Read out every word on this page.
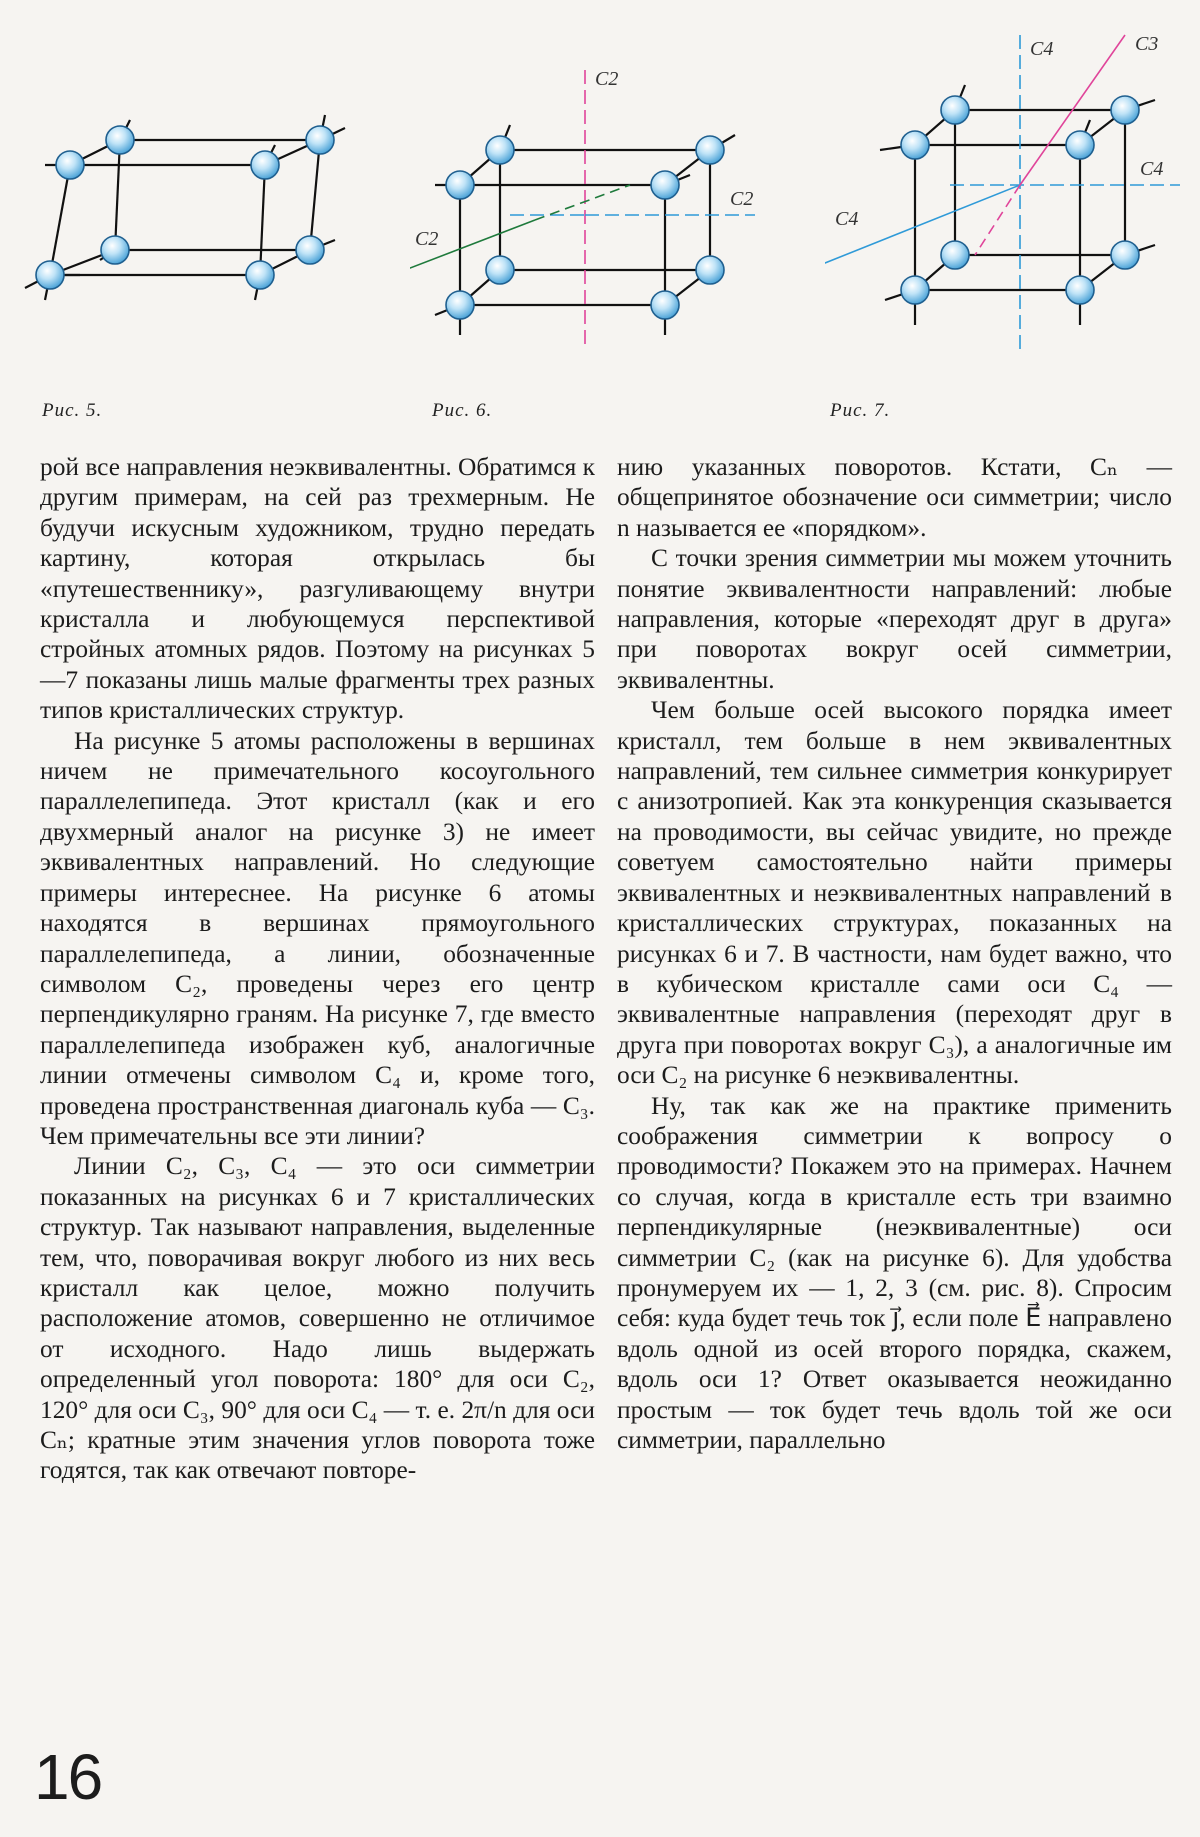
C2
C2
C2
C4	C3
C4
C4
Рис. 5.	Рис. 6.	Рис. 7.

рой все направления неэквивалентны. Обратимся к другим примерам, на сей раз трехмерным. Не будучи искусным художником, трудно передать картину, которая открылась бы «путешественнику», разгуливающему внутри кристалла и любующемуся перспективой стройных атомных рядов. Поэтому на рисунках 5—7 показаны лишь малые фрагменты трех разных типов кристаллических структур.

На рисунке 5 атомы расположены в вершинах ничем не примечательного косоугольного параллелепипеда. Этот кристалл (как и его двухмерный аналог на рисунке 3) не имеет эквивалентных направлений. Но следующие примеры интереснее. На рисунке 6 атомы находятся в вершинах прямоугольного параллелепипеда, а линии, обозначенные символом C₂, проведены через его центр перпендикулярно граням. На рисунке 7, где вместо параллелепипеда изображен куб, аналогичные линии отмечены символом C₄ и, кроме того, проведена пространственная диагональ куба — C₃. Чем примечательны все эти линии?

Линии C₂, C₃, C₄ — это оси симметрии показанных на рисунках 6 и 7 кристаллических структур. Так называют направления, выделенные тем, что, поворачивая вокруг любого из них весь кристалл как целое, можно получить расположение атомов, совершенно не отличимое от исходного. Надо лишь выдержать определенный угол поворота: 180° для оси C₂, 120° для оси C₃, 90° для оси C₄ — т. е. 2π/n для оси Cₙ; кратные этим значения углов поворота тоже годятся, так как отвечают повторе-

нию указанных поворотов. Кстати, Cₙ — общепринятое обозначение оси симметрии; число n называется ее «порядком».

С точки зрения симметрии мы можем уточнить понятие эквивалентности направлений: любые направления, которые «переходят друг в друга» при поворотах вокруг осей симметрии, эквивалентны.

Чем больше осей высокого порядка имеет кристалл, тем больше в нем эквивалентных направлений, тем сильнее симметрия конкурирует с анизотропией. Как эта конкуренция сказывается на проводимости, вы сейчас увидите, но прежде советуем самостоятельно найти примеры эквивалентных и неэквивалентных направлений в кристаллических структурах, показанных на рисунках 6 и 7. В частности, нам будет важно, что в кубическом кристалле сами оси C₄ — эквивалентные направления (переходят друг в друга при поворотах вокруг C₃), а аналогичные им оси C₂ на рисунке 6 неэквивалентны.

Ну, так как же на практике применить соображения симметрии к вопросу о проводимости? Покажем это на примерах. Начнем со случая, когда в кристалле есть три взаимно перпендикулярные (неэквивалентные) оси симметрии C₂ (как на рисунке 6). Для удобства пронумеруем их — 1, 2, 3 (см. рис. 8). Спросим себя: куда будет течь ток j⃗, если поле E⃗ направлено вдоль одной из осей второго порядка, скажем, вдоль оси 1? Ответ оказывается неожиданно простым — ток будет течь вдоль той же оси симметрии, параллельно

16
